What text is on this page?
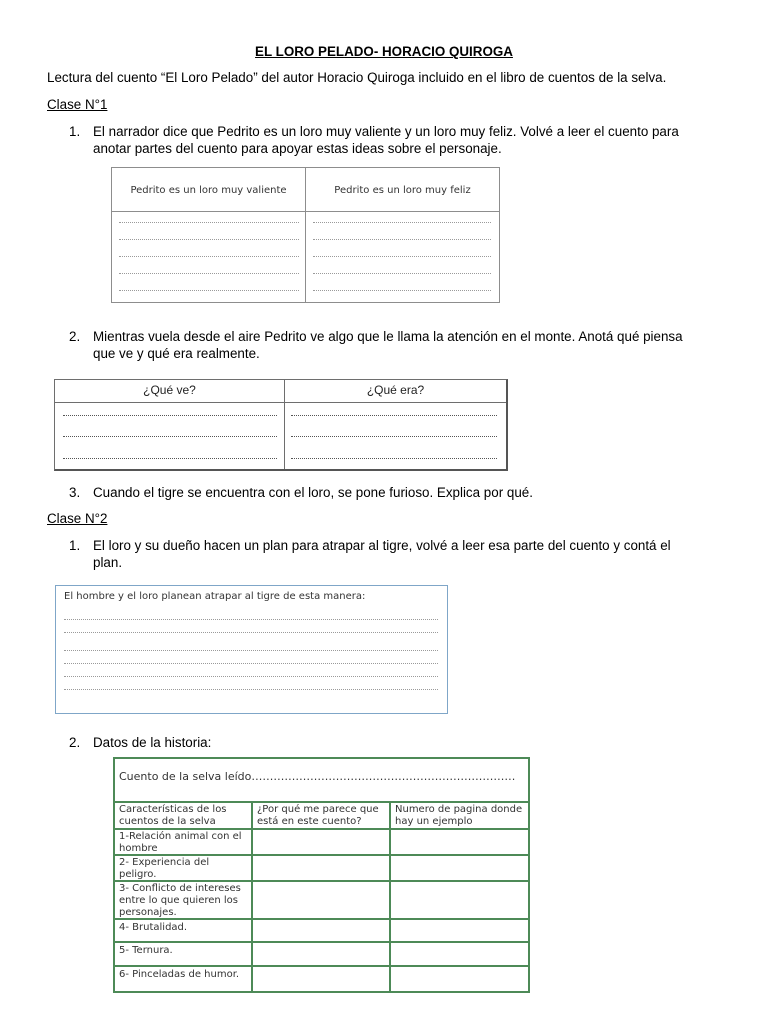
EL LORO PELADO- HORACIO QUIROGA
Lectura del cuento “El Loro Pelado” del autor Horacio Quiroga incluido en el libro de cuentos de la selva.
Clase N°1
1. El narrador dice que Pedrito es un loro muy valiente y un loro muy feliz. Volvé a leer el cuento para
anotar partes del cuento para apoyar estas ideas sobre el personaje.
Pedrito es un loro muy valiente	Pedrito es un loro muy feliz
2. Mientras vuela desde el aire Pedrito ve algo que le llama la atención en el monte. Anotá qué piensa
que ve y qué era realmente.
¿Qué ve?	¿Qué era?
3. Cuando el tigre se encuentra con el loro, se pone furioso. Explica por qué.
Clase N°2
1. El loro y su dueño hacen un plan para atrapar al tigre, volvé a leer esa parte del cuento y contá el
plan.
El hombre y el loro planean atrapar al tigre de esta manera:
2. Datos de la historia:
Cuento de la selva leído………………………………………………………………
Características de los cuentos de la selva
¿Por qué me parece que está en este cuento?
Numero de pagina donde hay un ejemplo
1-Relación animal con el hombre
2- Experiencia del peligro.
3- Conflicto de intereses entre lo que quieren los personajes.
4- Brutalidad.
5- Ternura.
6- Pinceladas de humor.
